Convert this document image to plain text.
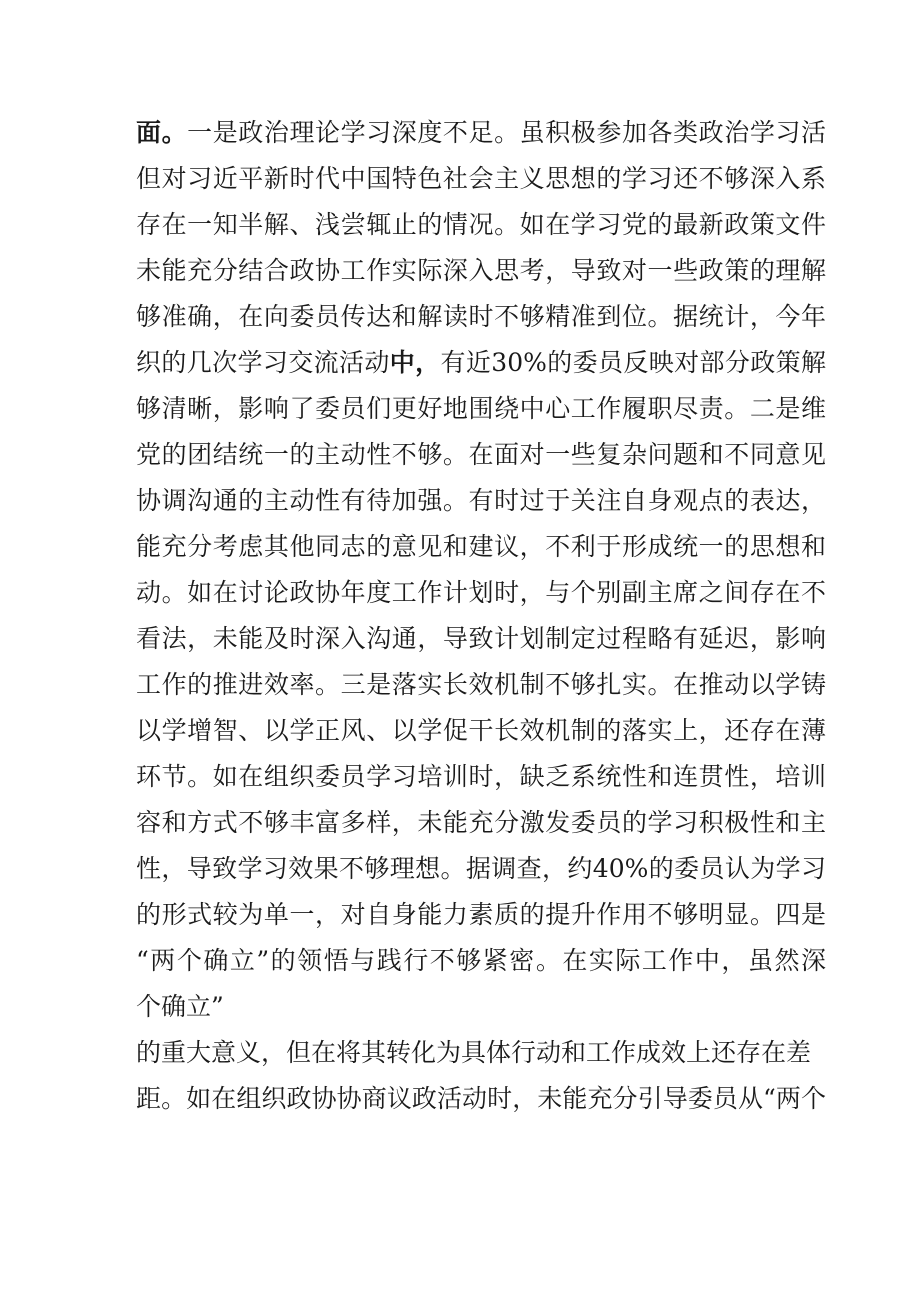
面。一是政治理论学习深度不足。虽积极参加各类政治学习活
但对习近平新时代中国特色社会主义思想的学习还不够深入系
存在一知半解、浅尝辄止的情况。如在学习党的最新政策文件
未能充分结合政协工作实际深入思考，导致对一些政策的理解
够准确，在向委员传达和解读时不够精准到位。据统计，今年
织的几次学习交流活动中，有近30%的委员反映对部分政策解
够清晰，影响了委员们更好地围绕中心工作履职尽责。二是维
党的团结统一的主动性不够。在面对一些复杂问题和不同意见
协调沟通的主动性有待加强。有时过于关注自身观点的表达，
能充分考虑其他同志的意见和建议，不利于形成统一的思想和
动。如在讨论政协年度工作计划时，与个别副主席之间存在不
看法，未能及时深入沟通，导致计划制定过程略有延迟，影响
工作的推进效率。三是落实长效机制不够扎实。在推动以学铸
以学增智、以学正风、以学促干长效机制的落实上，还存在薄
环节。如在组织委员学习培训时，缺乏系统性和连贯性，培训
容和方式不够丰富多样，未能充分激发委员的学习积极性和主
性，导致学习效果不够理想。据调查，约40%的委员认为学习
的形式较为单一，对自身能力素质的提升作用不够明显。四是
“两个确立”的领悟与践行不够紧密。在实际工作中，虽然深
个确立”
的重大意义，但在将其转化为具体行动和工作成效上还存在差
距。如在组织政协协商议政活动时，未能充分引导委员从“两个
